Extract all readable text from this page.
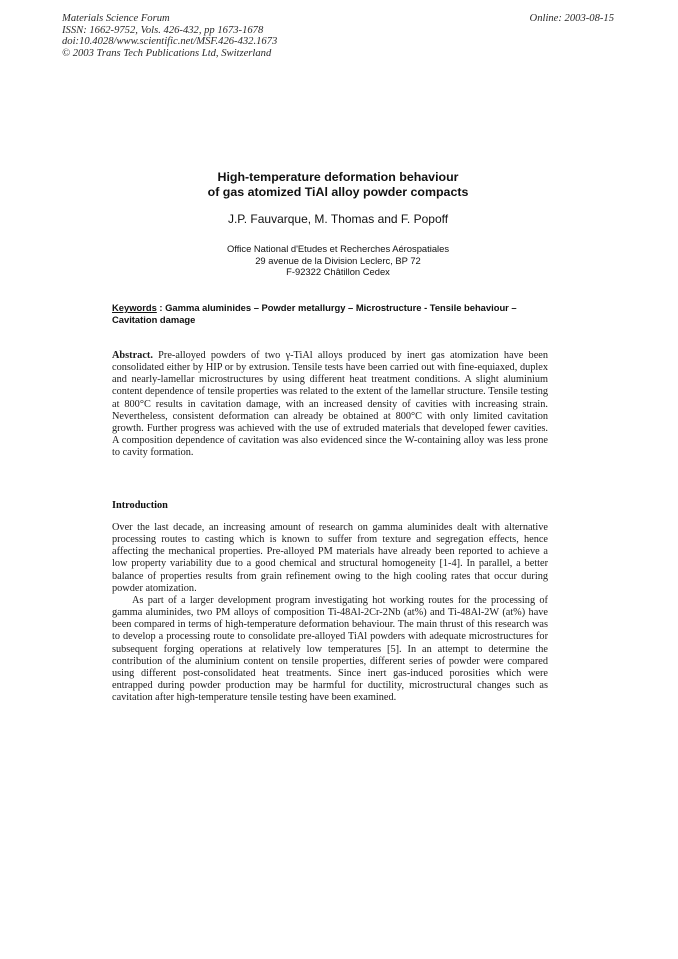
Materials Science Forum
ISSN: 1662-9752, Vols. 426-432, pp 1673-1678
doi:10.4028/www.scientific.net/MSF.426-432.1673
© 2003 Trans Tech Publications Ltd, Switzerland
Online: 2003-08-15
High-temperature deformation behaviour
of gas atomized TiAl alloy powder compacts
J.P. Fauvarque, M. Thomas and F. Popoff
Office National d'Etudes et Recherches Aérospatiales
29 avenue de la Division Leclerc, BP 72
F-92322 Châtillon Cedex
Keywords : Gamma aluminides – Powder metallurgy – Microstructure - Tensile behaviour – Cavitation damage
Abstract. Pre-alloyed powders of two γ-TiAl alloys produced by inert gas atomization have been consolidated either by HIP or by extrusion. Tensile tests have been carried out with fine-equiaxed, duplex and nearly-lamellar microstructures by using different heat treatment conditions. A slight aluminium content dependence of tensile properties was related to the extent of the lamellar structure. Tensile testing at 800°C results in cavitation damage, with an increased density of cavities with increasing strain. Nevertheless, consistent deformation can already be obtained at 800°C with only limited cavitation growth. Further progress was achieved with the use of extruded materials that developed fewer cavities. A composition dependence of cavitation was also evidenced since the W-containing alloy was less prone to cavity formation.
Introduction

Over the last decade, an increasing amount of research on gamma aluminides dealt with alternative processing routes to casting which is known to suffer from texture and segregation effects, hence affecting the mechanical properties. Pre-alloyed PM materials have already been reported to achieve a low property variability due to a good chemical and structural homogeneity [1-4]. In parallel, a better balance of properties results from grain refinement owing to the high cooling rates that occur during powder atomization.

As part of a larger development program investigating hot working routes for the processing of gamma aluminides, two PM alloys of composition Ti-48Al-2Cr-2Nb (at%) and Ti-48Al-2W (at%) have been compared in terms of high-temperature deformation behaviour. The main thrust of this research was to develop a processing route to consolidate pre-alloyed TiAl powders with adequate microstructures for subsequent forging operations at relatively low temperatures [5]. In an attempt to determine the contribution of the aluminium content on tensile properties, different series of powder were compared using different post-consolidated heat treatments. Since inert gas-induced porosities which were entrapped during powder production may be harmful for ductility, microstructural changes such as cavitation after high-temperature tensile testing have been examined.
